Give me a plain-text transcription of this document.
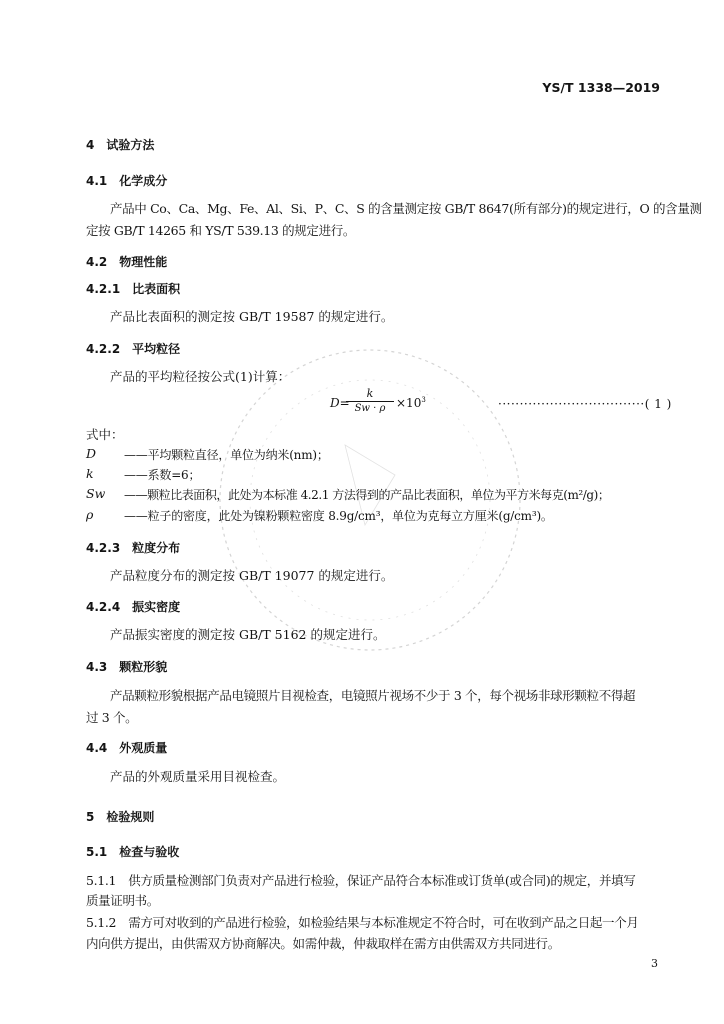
YS/T 1338—2019
4　试验方法
4.1　化学成分
产品中 Co、Ca、Mg、Fe、Al、Si、P、C、S 的含量测定按 GB/T 8647(所有部分)的规定进行，O 的含量测
定按 GB/T 14265 和 YS/T 539.13 的规定进行。
4.2　物理性能
4.2.1　比表面积
产品比表面积的测定按 GB/T 19587 的规定进行。
4.2.2　平均粒径
产品的平均粒径按公式(1)计算：
D=
k
$Sw \cdot \rho \times 10^3$	··································( 1 )
式中：
D ——平均颗粒直径，单位为纳米(nm)；
k	——系数=6；
Sw ——颗粒比表面积，此处为本标准 4.2.1 方法得到的产品比表面积，单位为平方米每克(m²/g)；
ρ	——粒子的密度，此处为镍粉颗粒密度 8.9g/cm³，单位为克每立方厘米(g/cm³)。
4.2.3　粒度分布
产品粒度分布的测定按 GB/T 19077 的规定进行。
4.2.4　振实密度
产品振实密度的测定按 GB/T 5162 的规定进行。
4.3　颗粒形貌
产品颗粒形貌根据产品电镜照片目视检查，电镜照片视场不少于 3 个，每个视场非球形颗粒不得超
过 3 个。
4.4　外观质量
产品的外观质量采用目视检查。
5　检验规则
5.1　检查与验收
5.1.1　供方质量检测部门负责对产品进行检验，保证产品符合本标准或订货单(或合同)的规定，并填写
质量证明书。
5.1.2　需方可对收到的产品进行检验，如检验结果与本标准规定不符合时，可在收到产品之日起一个月
内向供方提出，由供需双方协商解决。如需仲裁，仲裁取样在需方由供需双方共同进行。
3
